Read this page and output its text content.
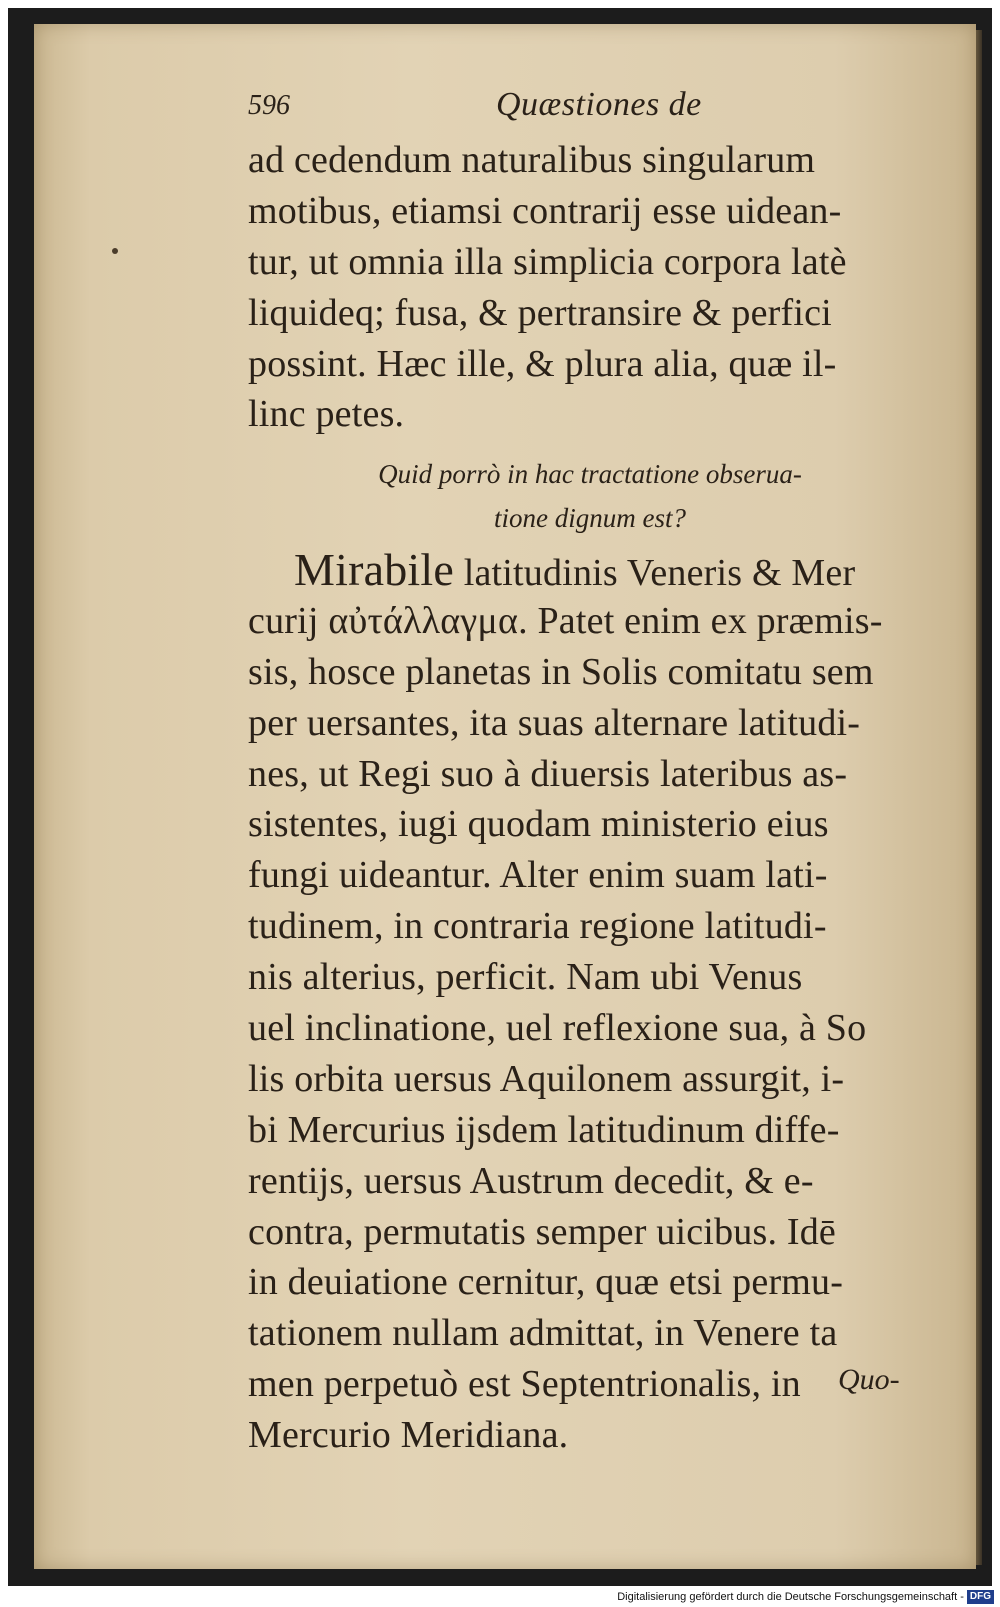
596	Quæstiones de
ad cedendum naturalibus singularum
motibus, etiamsi contrarij esse uidean-
tur, ut omnia illa simplicia corpora latè
liquideq; fusa, & pertransire & perfici
possint. Hæc ille, & plura alia, quæ il-
linc petes.
Quid porrò in hac tractatione obserua-
tione dignum est?
Mirabile latitudinis Veneris & Mer
curij αὐτάλλαγμα. Patet enim ex præmis-
sis, hosce planetas in Solis comitatu sem
per uersantes, ita suas alternare latitudi-
nes, ut Regi suo à diuersis lateribus as-
sistentes, iugi quodam ministerio eius
fungi uideantur. Alter enim suam lati-
tudinem, in contraria regione latitudi-
nis alterius, perficit. Nam ubi Venus
uel inclinatione, uel reflexione sua, à So
lis orbita uersus Aquilonem assurgit, i-
bi Mercurius ijsdem latitudinum diffe-
rentijs, uersus Austrum decedit, & e-
contra, permutatis semper uicibus. Idē
in deuiatione cernitur, quæ etsi permu-
tationem nullam admittat, in Venere ta
men perpetuò est Septentrionalis, in
Mercurio Meridiana.
Quo-
Digitalisierung gefördert durch die Deutsche Forschungsgemeinschaft - DFG
